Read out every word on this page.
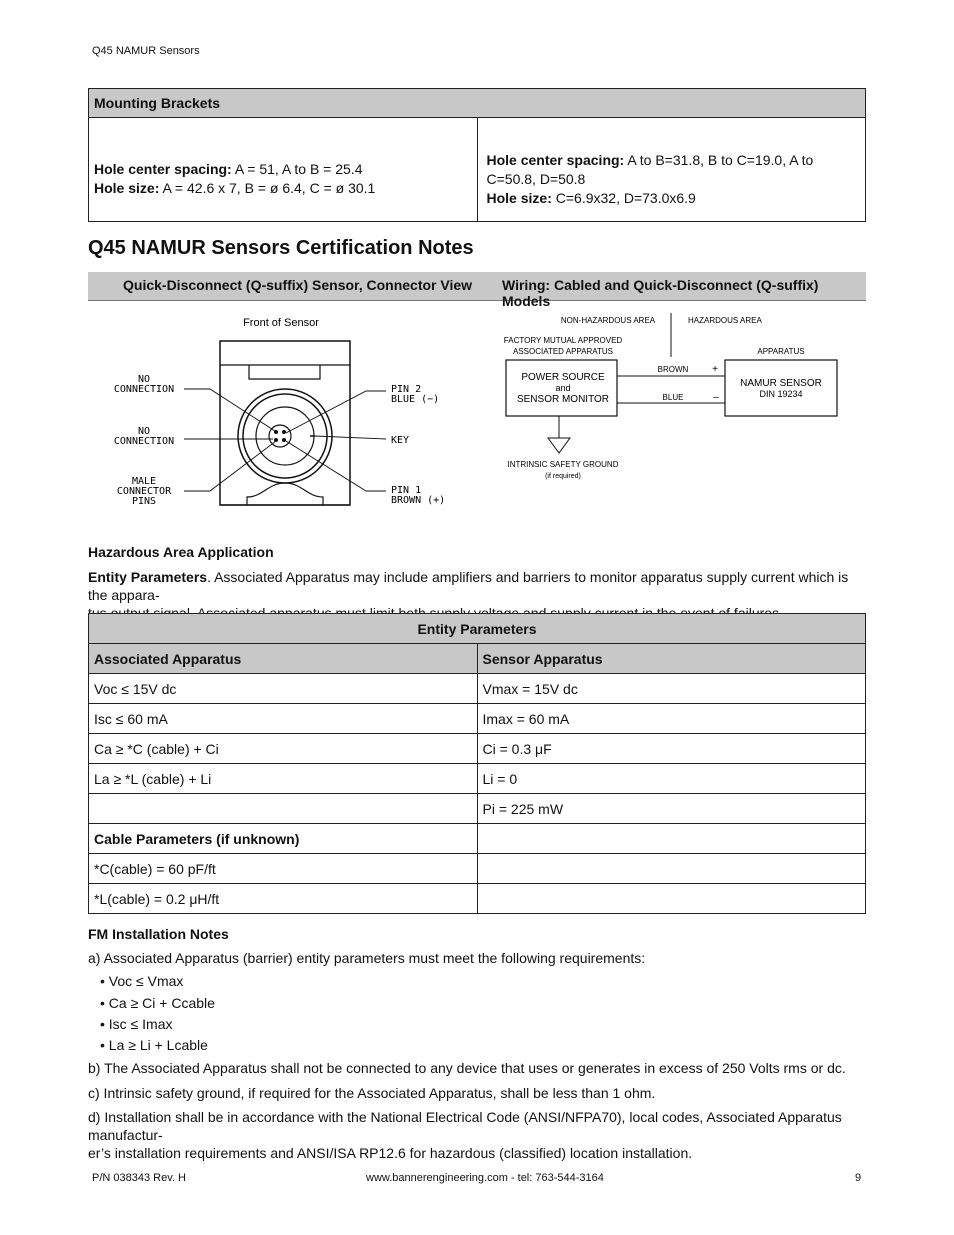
Q45 NAMUR Sensors
Mounting Brackets

Hole center spacing: A = 51, A to B = 25.4
Hole size: A = 42.6 x 7, B = ø 6.4, C = ø 30.1

Hole center spacing: A to B=31.8, B to C=19.0, A to C=50.8, D=50.8
Hole size: C=6.9x32, D=73.0x6.9
Q45 NAMUR Sensors Certification Notes
Quick-Disconnect (Q-suffix) Sensor, Connector View Wiring: Cabled and Quick-Disconnect (Q-suffix) Models
Front of Sensor
NO
CONNECTION
NO
CONNECTION
MALE
CONNECTOR
PINS
PIN 2
BLUE (−)
KEY
PIN 1
BROWN (+)
NON-HAZARDOUS AREA	HAZARDOUS AREA
FACTORY MUTUAL APPROVED
ASSOCIATED APPARATUS	APPARATUS
POWER SOURCE
and
SENSOR MONITOR
NAMUR SENSOR
DIN 19234
BROWN
BLUE
+
–
INTRINSIC SAFETY GROUND
(if required)
Hazardous Area Application
Entity Parameters. Associated Apparatus may include amplifiers and barriers to monitor apparatus supply current which is the appara-

Entity Parameters	
Associated Apparatus	Sensor Apparatus
Voc ≤ 15V dc	Vmax = 15V dc
Isc ≤ 60 mA	Imax = 60 mA
Ca ≥ *C (cable) + Ci	Ci = 0.3 μF
La ≥ *L (cable) + Li	Li = 0
	Pi = 225 mW
Cable Parameters (if unknown)	
*C(cable) = 60 pF/ft	
*L(cable) = 0.2 μH/ft	
FM Installation Notes
a) Associated Apparatus (barrier) entity parameters must meet the following requirements:
• Voc ≤ Vmax
• Ca ≥ Ci + Ccable
• Isc ≤ Imax
• La ≥ Li + Lcable
b) The Associated Apparatus shall not be connected to any device that uses or generates in excess of 250 Volts rms or dc.
c) Intrinsic safety ground, if required for the Associated Apparatus, shall be less than 1 ohm.
d) Installation shall be in accordance with the National Electrical Code (ANSI/NFPA70), local codes, Associated Apparatus manufactur-
er’s installation requirements and ANSI/ISA RP12.6 for hazardous (classified) location installation.
P/N 038343 Rev. H	www.bannerengineering.com - tel: 763-544-3164	9
